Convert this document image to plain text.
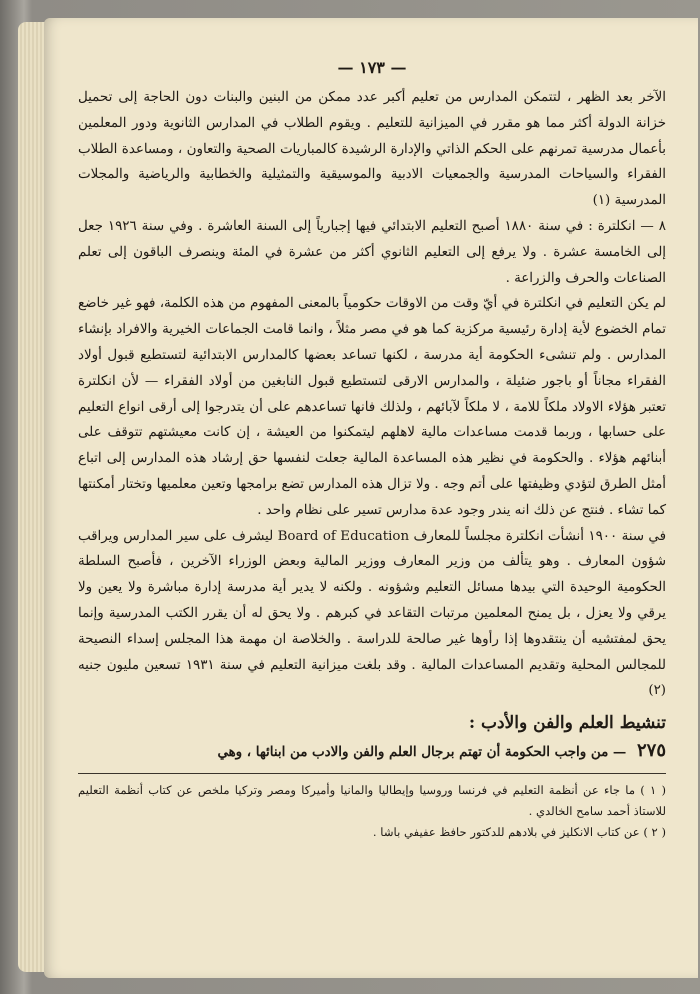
— ١٧٣ —

الآخر بعد الظهر ، لتتمكن المدارس من تعليم أكبر عدد ممكن من البنين والبنات دون الحاجة إلى تحميل خزانة الدولة أكثر مما هو مقرر في الميزانية للتعليم . ويقوم الطلاب في المدارس الثانوية ودور المعلمين بأعمال مدرسية تمرنهم على الحكم الذاتي والإدارة الرشيدة كالمباريات الصحية والتعاون ، ومساعدة الطلاب الفقراء والسياحات المدرسية والجمعيات الادبية والموسيقية والتمثيلية والخطابية والرياضية والمجلات المدرسية (١)

٨ — انكلترة : في سنة ١٨٨٠ أصبح التعليم الابتدائي فيها إجبارياً إلى السنة العاشرة . وفي سنة ١٩٢٦ جعل إلى الخامسة عشرة . ولا يرفع إلى التعليم الثانوي أكثر من عشرة في المئة وينصرف الباقون إلى تعلم الصناعات والحرف والزراعة .

لم يكن التعليم في انكلترة في أيّ وقت من الاوقات حكومياً بالمعنى المفهوم من هذه الكلمة، فهو غير خاضع تمام الخضوع لأية إدارة رئيسية مركزية كما هو في مصر مثلاً ، وانما قامت الجماعات الخيرية والافراد بإنشاء المدارس . ولم تنشىء الحكومة أية مدرسة ، لكنها تساعد بعضها كالمدارس الابتدائية لتستطيع قبول أولاد الفقراء مجاناً أو باجور ضئيلة ، والمدارس الارقى لتستطيع قبول النابغين من أولاد الفقراء — لأن انكلترة تعتبر هؤلاء الاولاد ملكاً للامة ، لا ملكاً لآبائهم ، ولذلك فانها تساعدهم على أن يتدرجوا إلى أرقى انواع التعليم على حسابها ، وربما قدمت مساعدات مالية لاهلهم ليتمكنوا من العيشة ، إن كانت معيشتهم تتوقف على أبنائهم هؤلاء . والحكومة في نظير هذه المساعدة المالية جعلت لنفسها حق إرشاد هذه المدارس إلى اتباع أمثل الطرق لتؤدي وظيفتها على أتم وجه . ولا تزال هذه المدارس تضع برامجها وتعين معلميها وتختار أمكنتها كما تشاء . فنتج عن ذلك انه يندر وجود عدة مدارس تسير على نظام واحد .

في سنة ١٩٠٠ أنشأت انكلترة مجلساً للمعارف Board of Education ليشرف على سير المدارس ويراقب شؤون المعارف . وهو يتألف من وزير المعارف ووزير المالية وبعض الوزراء الآخرين ، فأصبح السلطة الحكومية الوحيدة التي بيدها مسائل التعليم وشؤونه . ولكنه لا يدير أية مدرسة إدارة مباشرة ولا يعين ولا يرقي ولا يعزل ، بل يمنح المعلمين مرتبات التقاعد في كبرهم . ولا يحق له أن يقرر الكتب المدرسية وإنما يحق لمفتشيه أن ينتقدوها إذا رأوها غير صالحة للدراسة . والخلاصة ان مهمة هذا المجلس إسداء النصيحة للمجالس المحلية وتقديم المساعدات المالية . وقد بلغت ميزانية التعليم في سنة ١٩٣١ تسعين مليون جنيه (٢)

تنشيط العلم والفن والأدب :

٢٧٥ — من واجب الحكومة أن تهتم برجال العلم والفن والادب من ابنائها ، وهي

( ١ ) ما جاء عن أنظمة التعليم في فرنسا وروسيا وإيطاليا والمانيا وأميركا ومصر وتركيا ملخص عن كتاب أنظمة التعليم للاستاذ أحمد سامح الخالدي .

( ٢ ) عن كتاب الانكليز في بلادهم للدكتور حافظ عفيفي باشا .
